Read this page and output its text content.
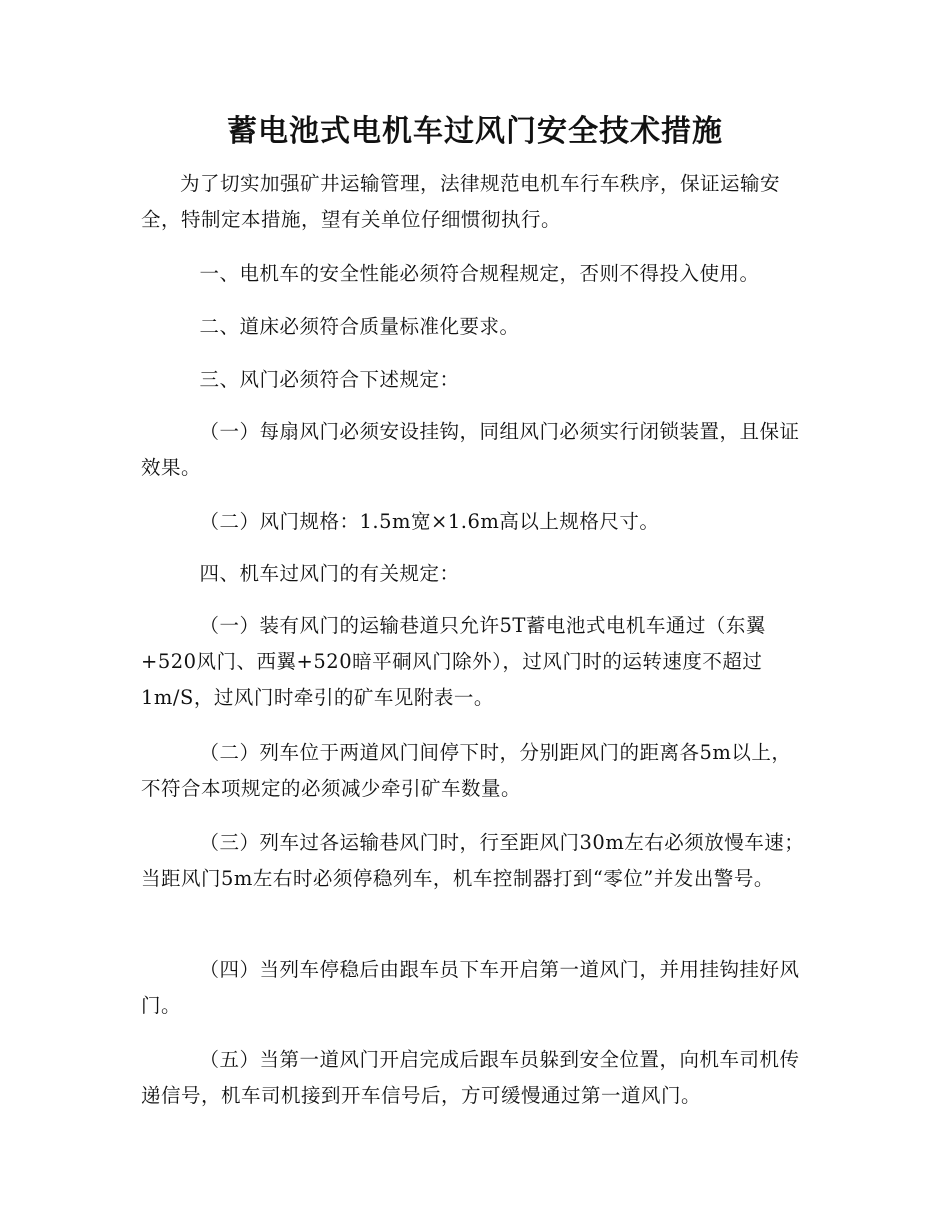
蓄电池式电机车过风门安全技术措施

为了切实加强矿井运输管理，法律规范电机车行车秩序，保证运输安全，特制定本措施，望有关单位仔细惯彻执行。

一、电机车的安全性能必须符合规程规定，否则不得投入使用。

二、道床必须符合质量标准化要求。

三、风门必须符合下述规定：

（一）每扇风门必须安设挂钩，同组风门必须实行闭锁装置，且保证效果。

（二）风门规格：1.5m宽×1.6m高以上规格尺寸。

四、机车过风门的有关规定：

（一）装有风门的运输巷道只允许5T蓄电池式电机车通过（东翼+520风门、西翼+520暗平硐风门除外），过风门时的运转速度不超过1m/S，过风门时牵引的矿车见附表一。

（二）列车位于两道风门间停下时，分别距风门的距离各5m以上，不符合本项规定的必须减少牵引矿车数量。

（三）列车过各运输巷风门时，行至距风门30m左右必须放慢车速；当距风门5m左右时必须停稳列车，机车控制器打到“零位”并发出警号。

（四）当列车停稳后由跟车员下车开启第一道风门，并用挂钩挂好风门。

（五）当第一道风门开启完成后跟车员躲到安全位置，向机车司机传递信号，机车司机接到开车信号后，方可缓慢通过第一道风门。
